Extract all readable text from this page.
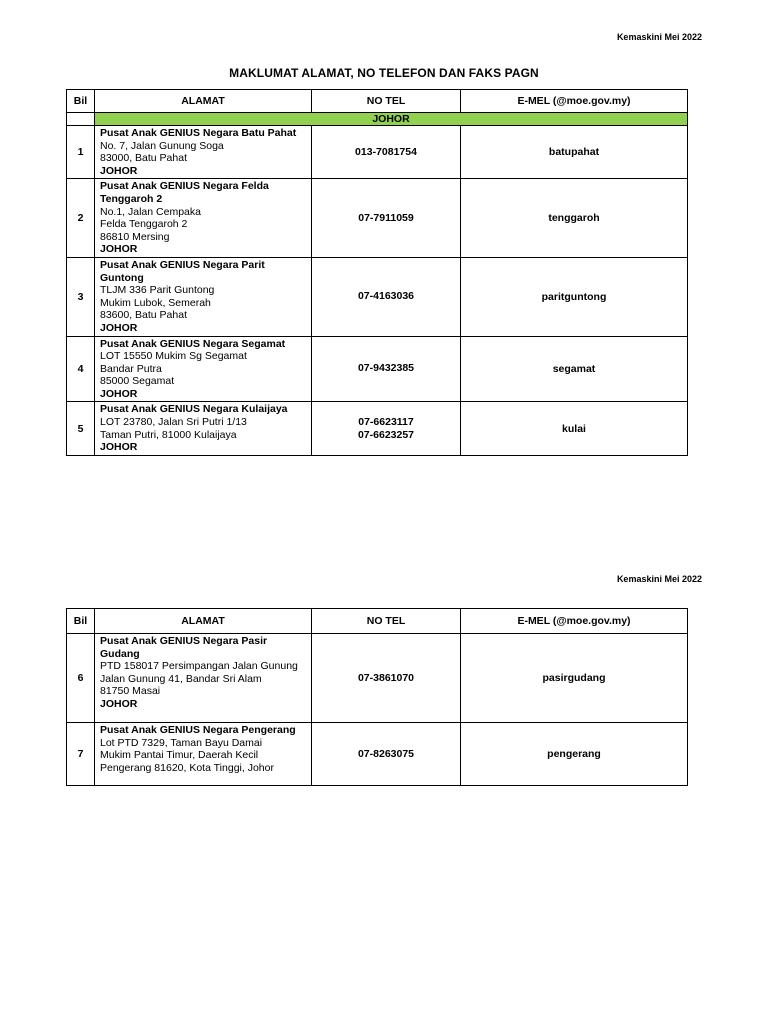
Kemaskini Mei 2022
MAKLUMAT ALAMAT, NO TELEFON DAN FAKS PAGN
Bil	ALAMAT	NO TEL	E-MEL (@moe.gov.my)
	JOHOR		
1	Pusat Anak GENIUS Negara Batu Pahat
No. 7, Jalan Gunung Soga
83000, Batu Pahat
JOHOR	013-7081754	batupahat
2	Pusat Anak GENIUS Negara Felda Tenggaroh 2
No.1, Jalan Cempaka
Felda Tenggaroh 2
86810 Mersing
JOHOR	07-7911059	tenggaroh
3	Pusat Anak GENIUS Negara Parit Guntong
TLJM 336 Parit Guntong
Mukim Lubok, Semerah
83600, Batu Pahat
JOHOR	07-4163036	paritguntong
4	Pusat Anak GENIUS Negara Segamat
LOT 15550 Mukim Sg Segamat
Bandar Putra
85000 Segamat
JOHOR	07-9432385	segamat
5	Pusat Anak GENIUS Negara Kulaijaya
LOT 23780, Jalan Sri Putri 1/13
Taman Putri, 81000 Kulaijaya
JOHOR	07-6623117
07-6623257	kulai
Kemaskini Mei 2022
Bil	ALAMAT	NO TEL	E-MEL (@moe.gov.my)
6	Pusat Anak GENIUS Negara Pasir Gudang
PTD 158017 Persimpangan Jalan Gunung
Jalan Gunung 41, Bandar Sri Alam
81750 Masai
JOHOR	07-3861070	pasirgudang
7	Pusat Anak GENIUS Negara Pengerang
Lot PTD 7329, Taman Bayu Damai
Mukim Pantai Timur, Daerah Kecil
Pengerang 81620, Kota Tinggi, Johor	07-8263075	pengerang
